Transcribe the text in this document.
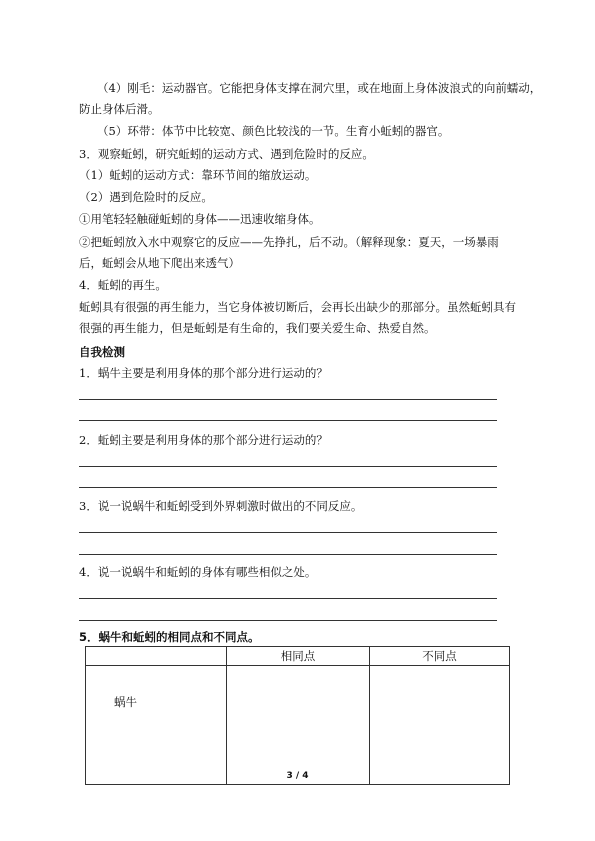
（4）刚毛：运动器官。它能把身体支撑在洞穴里，或在地面上身体波浪式的向前蠕动，
防止身体后滑。
（5）环带：体节中比较宽、颜色比较浅的一节。生育小蚯蚓的器官。
3．观察蚯蚓，研究蚯蚓的运动方式、遇到危险时的反应。
（1）蚯蚓的运动方式：靠环节间的缩放运动。
（2）遇到危险时的反应。
①用笔轻轻触碰蚯蚓的身体——迅速收缩身体。
②把蚯蚓放入水中观察它的反应——先挣扎，后不动。（解释现象：夏天，一场暴雨
后，蚯蚓会从地下爬出来透气）
4．蚯蚓的再生。
蚯蚓具有很强的再生能力，当它身体被切断后，会再长出缺少的那部分。虽然蚯蚓具有
很强的再生能力，但是蚯蚓是有生命的，我们要关爱生命、热爱自然。
自我检测
1．蜗牛主要是利用身体的那个部分进行运动的？
2．蚯蚓主要是利用身体的那个部分进行运动的？
3．说一说蜗牛和蚯蚓受到外界刺激时做出的不同反应。
4．说一说蜗牛和蚯蚓的身体有哪些相似之处。
5．蜗牛和蚯蚓的相同点和不同点。
	相同点	不同点
蜗牛		
3 / 4
